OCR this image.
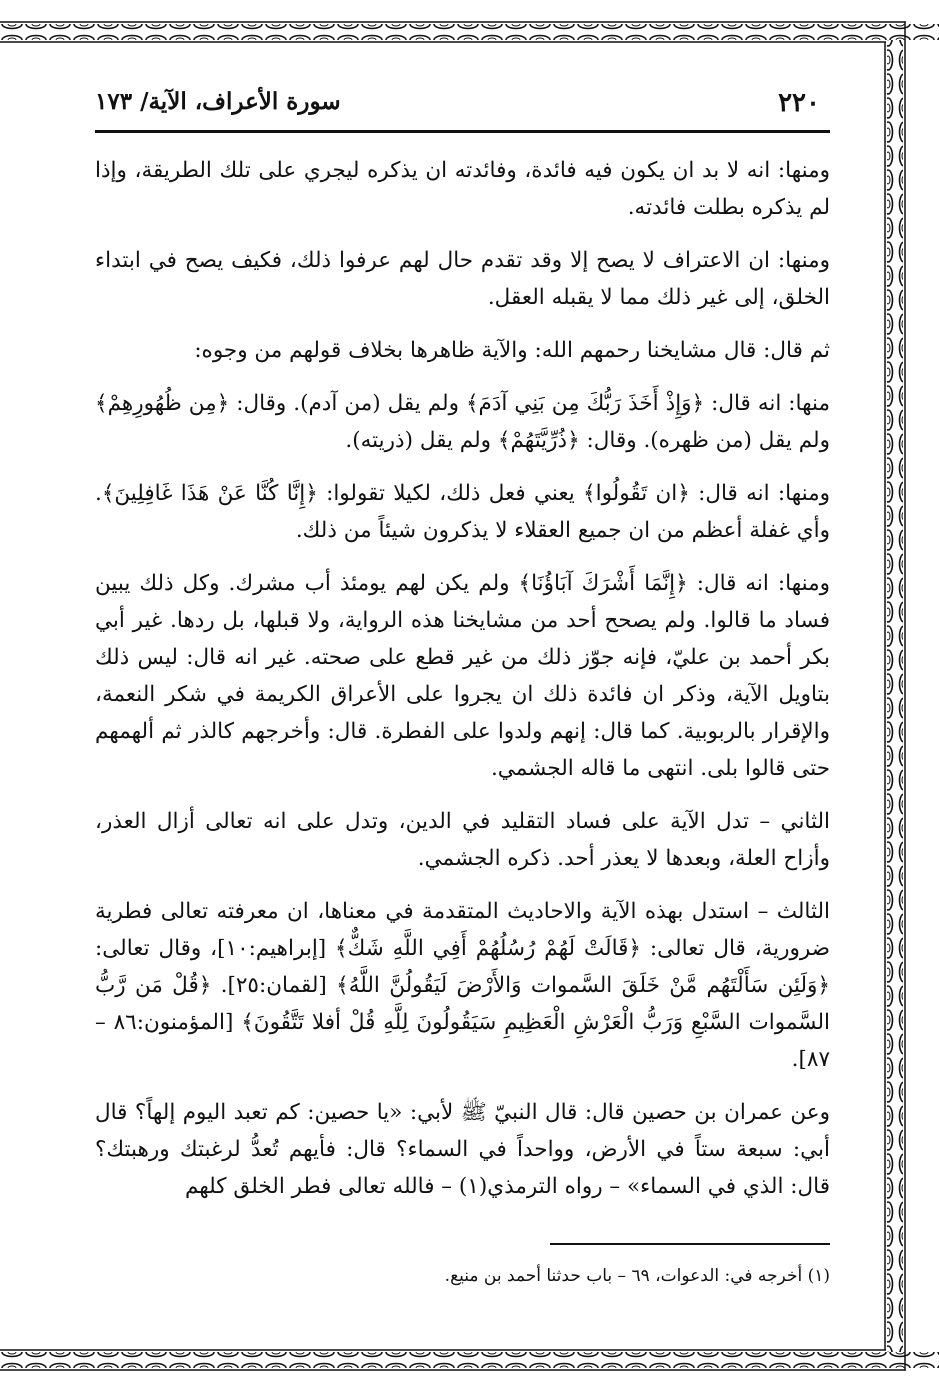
٢٢٠
سورة الأعراف، الآية/ ١٧٣

ومنها: انه لا بد ان يكون فيه فائدة، وفائدته ان يذكره ليجري على تلك الطريقة، وإذا لم يذكره بطلت فائدته.

ومنها: ان الاعتراف لا يصح إلا وقد تقدم حال لهم عرفوا ذلك، فكيف يصح في ابتداء الخلق، إلى غير ذلك مما لا يقبله العقل.

ثم قال: قال مشايخنا رحمهم الله: والآية ظاهرها بخلاف قولهم من وجوه:

منها: انه قال: ﴿وَإِذْ أَخَذَ رَبُّكَ مِن بَنِي آدَمَ﴾ ولم يقل (من آدم). وقال: ﴿مِن ظُهُورِهِمْ﴾ ولم يقل (من ظهره). وقال: ﴿ذُرِّيَّتَهُمْ﴾ ولم يقل (ذريته).

ومنها: انه قال: ﴿ان تَقُولُوا﴾ يعني فعل ذلك، لكيلا تقولوا: ﴿إِنَّا كُنَّا عَنْ هَذَا غَافِلِينَ﴾. وأي غفلة أعظم من ان جميع العقلاء لا يذكرون شيئاً من ذلك.

ومنها: انه قال: ﴿إِنَّمَا أَشْرَكَ آبَاؤُنَا﴾ ولم يكن لهم يومئذ أب مشرك. وكل ذلك يبين فساد ما قالوا. ولم يصحح أحد من مشايخنا هذه الرواية، ولا قبلها، بل ردها. غير أبي بكر أحمد بن عليّ، فإنه جوّز ذلك من غير قطع على صحته. غير انه قال: ليس ذلك بتاويل الآية، وذكر ان فائدة ذلك ان يجروا على الأعراق الكريمة في شكر النعمة، والإقرار بالربوبية. كما قال: إنهم ولدوا على الفطرة. قال: وأخرجهم كالذر ثم ألهمهم حتى قالوا بلى. انتهى ما قاله الجشمي.

الثاني – تدل الآية على فساد التقليد في الدين، وتدل على انه تعالى أزال العذر، وأزاح العلة، وبعدها لا يعذر أحد. ذكره الجشمي.

الثالث – استدل بهذه الآية والاحاديث المتقدمة في معناها، ان معرفته تعالى فطرية ضرورية، قال تعالى: ﴿قَالَتْ لَهُمْ رُسُلُهُمْ أَفِي اللَّهِ شَكٌّ﴾ [إبراهيم:١٠]، وقال تعالى: ﴿وَلَئِن سَأَلْتَهُم مَّنْ خَلَقَ السَّموات وَالأَرْضَ لَيَقُولُنَّ اللَّهُ﴾ [لقمان:٢٥]. ﴿قُلْ مَن رَّبُّ السَّموات السَّبْعِ وَرَبُّ الْعَرْشِ الْعَظِيمِ سَيَقُولُونَ لِلَّهِ قُلْ أفلا تَتَّقُونَ﴾ [المؤمنون:٨٦ –٨٧].

وعن عمران بن حصين قال: قال النبيّ ﷺ لأبي: «يا حصين: كم تعبد اليوم إلهاً؟ قال أبي: سبعة ستاً في الأرض، وواحداً في السماء؟ قال: فأيهم تُعدُّ لرغبتك ورهبتك؟ قال: الذي في السماء» – رواه الترمذي(١) – فالله تعالى فطر الخلق كلهم

(١) أخرجه في: الدعوات، ٦٩ – باب حدثنا أحمد بن منيع.
